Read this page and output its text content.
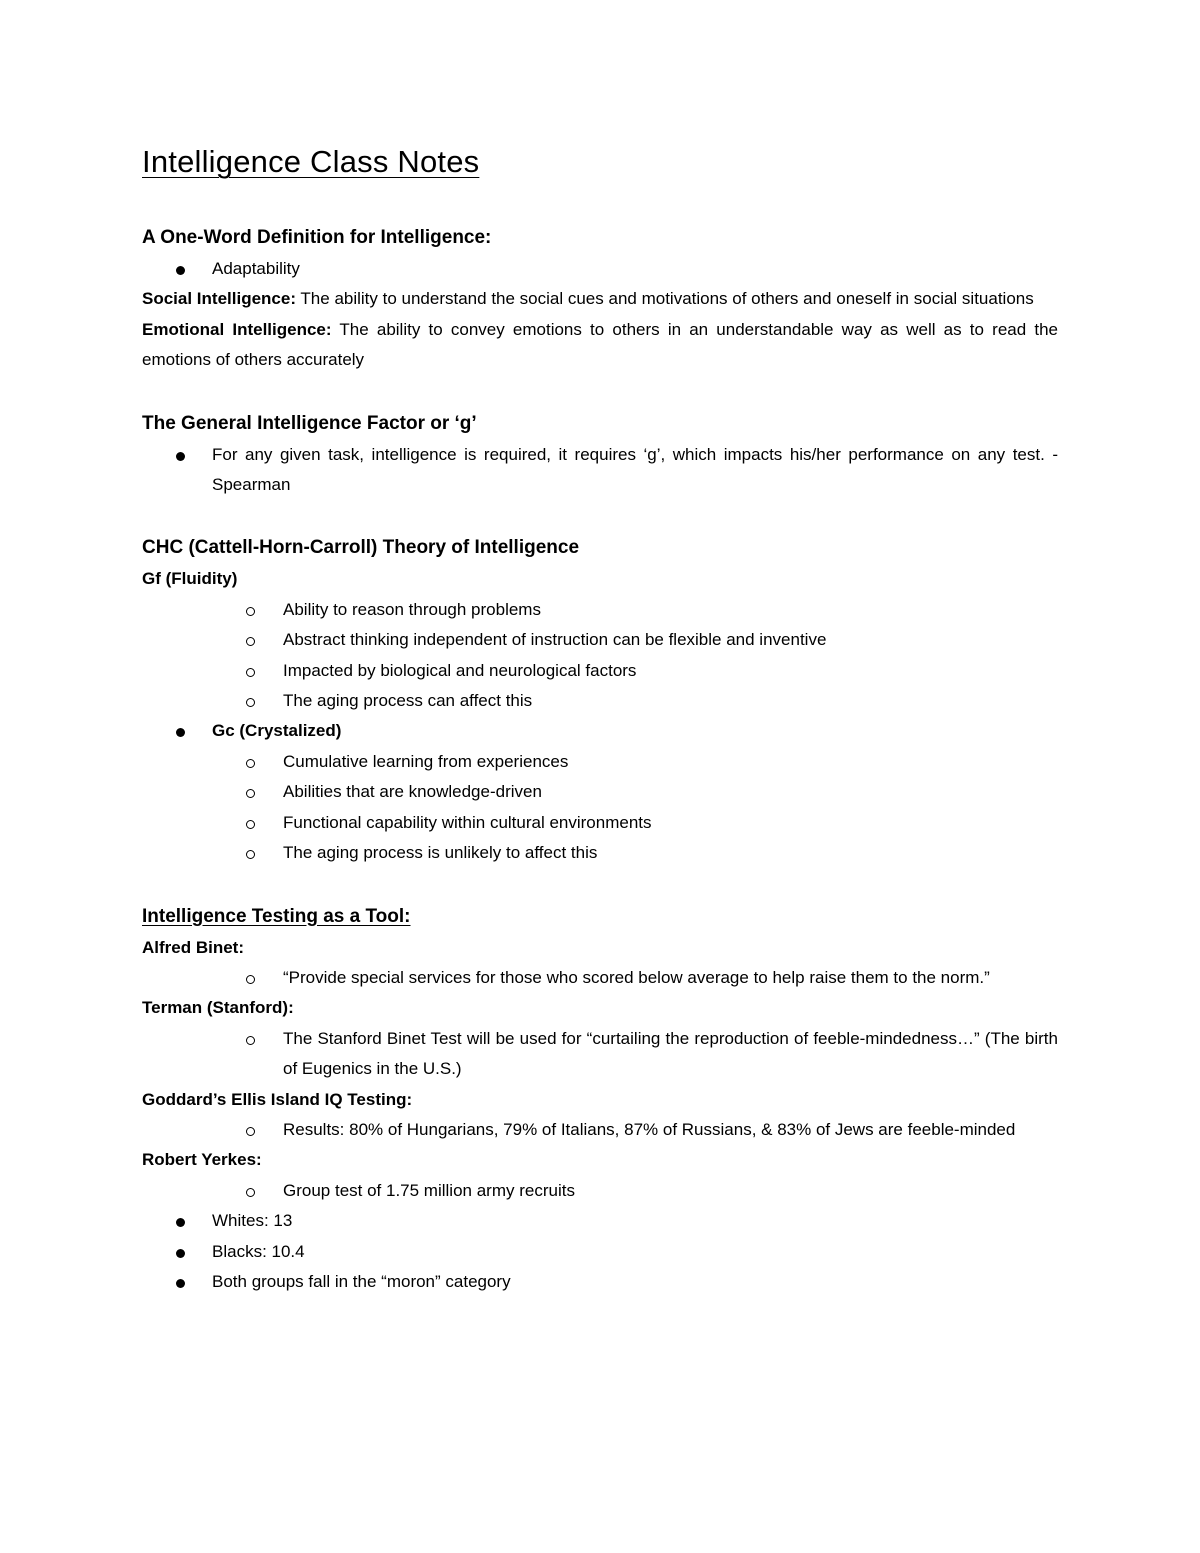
Intelligence Class Notes
A One-Word Definition for Intelligence:
Adaptability
Social Intelligence: The ability to understand the social cues and motivations of others and oneself in social situations
Emotional Intelligence: The ability to convey emotions to others in an understandable way as well as to read the emotions of others accurately
The General Intelligence Factor or ‘g’
For any given task, intelligence is required, it requires ‘g’, which impacts his/her performance on any test. -Spearman
CHC (Cattell-Horn-Carroll) Theory of Intelligence
Gf (Fluidity)
Ability to reason through problems
Abstract thinking independent of instruction can be flexible and inventive
Impacted by biological and neurological factors
The aging process can affect this
Gc (Crystalized)
Cumulative learning from experiences
Abilities that are knowledge-driven
Functional capability within cultural environments
The aging process is unlikely to affect this
Intelligence Testing as a Tool:
Alfred Binet:
“Provide special services for those who scored below average to help raise them to the norm.”
Terman (Stanford):
The Stanford Binet Test will be used for “curtailing the reproduction of feeble-mindedness…” (The birth of Eugenics in the U.S.)
Goddard’s Ellis Island IQ Testing:
Results: 80% of Hungarians, 79% of Italians, 87% of Russians, & 83% of Jews are feeble-minded
Robert Yerkes:
Group test of 1.75 million army recruits
Whites: 13
Blacks: 10.4
Both groups fall in the “moron” category
